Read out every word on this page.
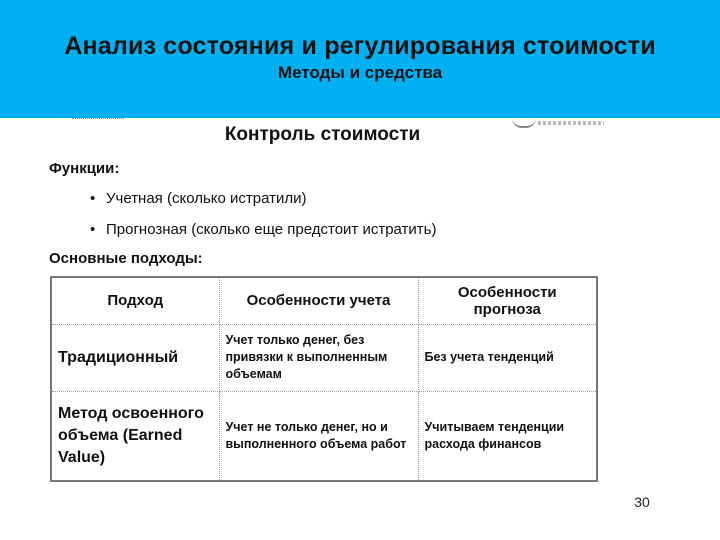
Анализ состояния и регулирования стоимости
Методы и средства
Контроль стоимости
Функции:
• Учетная (сколько истратили)
• Прогнозная (сколько еще предстоит истратить)
Основные подходы:
Подход	Особенности учета	Особенности прогноза
Традиционный	Учет только денег, без привязки к выполненным объемам	Без учета тенденций
Метод освоенного объема (Earned Value)	Учет не только денег, но и выполненного объема работ	Учитываем тенденции расхода финансов
30
